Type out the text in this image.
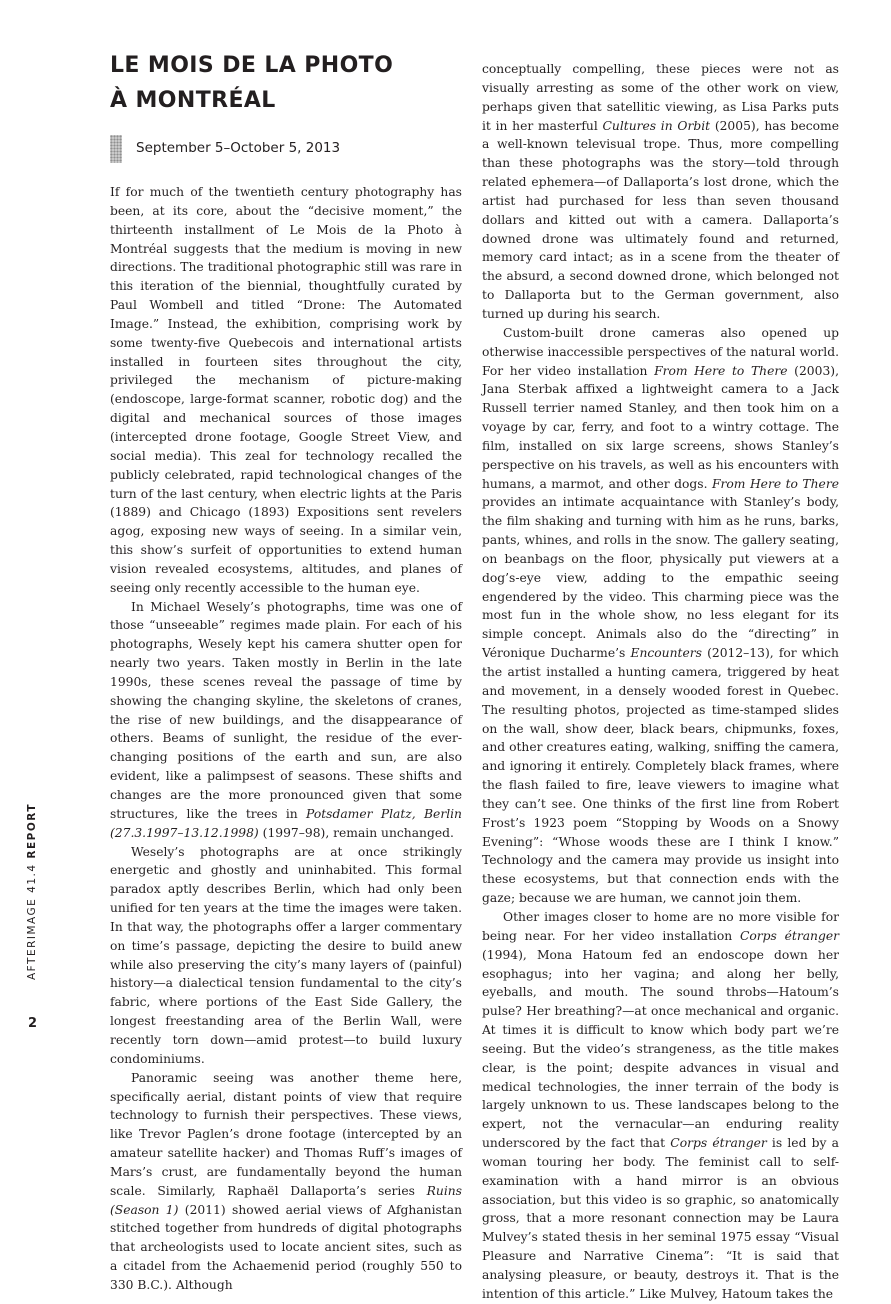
LE MOIS DE LA PHOTO
À MONTRÉAL
September 5–October 5, 2013

If for much of the twentieth century photography has been, at its core, about the “decisive moment,” the thirteenth installment of Le Mois de la Photo à Montréal suggests that the medium is moving in new directions. The traditional photographic still was rare in this iteration of the biennial, thoughtfully curated by Paul Wombell and titled “Drone: The Automated Image.” Instead, the exhibition, comprising work by some twenty-five Quebecois and international artists installed in fourteen sites throughout the city, privileged the mechanism of picture-making (endoscope, large-format scanner, robotic dog) and the digital and mechanical sources of those images (intercepted drone footage, Google Street View, and social media). This zeal for technology recalled the publicly celebrated, rapid technological changes of the turn of the last century, when electric lights at the Paris (1889) and Chicago (1893) Expositions sent revelers agog, exposing new ways of seeing. In a similar vein, this show’s surfeit of opportunities to extend human vision revealed ecosystems, altitudes, and planes of seeing only recently accessible to the human eye.

In Michael Wesely’s photographs, time was one of those “unseeable” regimes made plain. For each of his photographs, Wesely kept his camera shutter open for nearly two years. Taken mostly in Berlin in the late 1990s, these scenes reveal the passage of time by showing the changing skyline, the skeletons of cranes, the rise of new buildings, and the disappearance of others. Beams of sunlight, the residue of the ever-changing positions of the earth and sun, are also evident, like a palimpsest of seasons. These shifts and changes are the more pronounced given that some structures, like the trees in Potsdamer Platz, Berlin (27.3.1997–13.12.1998) (1997–98), remain unchanged.

Wesely’s photographs are at once strikingly energetic and ghostly and uninhabited. This formal paradox aptly describes Berlin, which had only been unified for ten years at the time the images were taken. In that way, the photographs offer a larger commentary on time’s passage, depicting the desire to build anew while also preserving the city’s many layers of (painful) history—a dialectical tension fundamental to the city’s fabric, where portions of the East Side Gallery, the longest freestanding area of the Berlin Wall, were recently torn down—amid protest—to build luxury condominiums.

Panoramic seeing was another theme here, specifically aerial, distant points of view that require technology to furnish their perspectives. These views, like Trevor Paglen’s drone footage (intercepted by an amateur satellite hacker) and Thomas Ruff’s images of Mars’s crust, are fundamentally beyond the human scale. Similarly, Raphaël Dallaporta’s series Ruins (Season 1) (2011) showed aerial views of Afghanistan stitched together from hundreds of digital photographs that archeologists used to locate ancient sites, such as a citadel from the Achaemenid period (roughly 550 to 330 B.C.). Although

conceptually compelling, these pieces were not as visually arresting as some of the other work on view, perhaps given that satellitic viewing, as Lisa Parks puts it in her masterful Cultures in Orbit (2005), has become a well-known televisual trope. Thus, more compelling than these photographs was the story—told through related ephemera—of Dallaporta’s lost drone, which the artist had purchased for less than seven thousand dollars and kitted out with a camera. Dallaporta’s downed drone was ultimately found and returned, memory card intact; as in a scene from the theater of the absurd, a second downed drone, which belonged not to Dallaporta but to the German government, also turned up during his search.

Custom-built drone cameras also opened up otherwise inaccessible perspectives of the natural world. For her video installation From Here to There (2003), Jana Sterbak affixed a lightweight camera to a Jack Russell terrier named Stanley, and then took him on a voyage by car, ferry, and foot to a wintry cottage. The film, installed on six large screens, shows Stanley’s perspective on his travels, as well as his encounters with humans, a marmot, and other dogs. From Here to There provides an intimate acquaintance with Stanley’s body, the film shaking and turning with him as he runs, barks, pants, whines, and rolls in the snow. The gallery seating, on beanbags on the floor, physically put viewers at a dog’s-eye view, adding to the empathic seeing engendered by the video. This charming piece was the most fun in the whole show, no less elegant for its simple concept. Animals also do the “directing” in Véronique Ducharme’s Encounters (2012–13), for which the artist installed a hunting camera, triggered by heat and movement, in a densely wooded forest in Quebec. The resulting photos, projected as time-stamped slides on the wall, show deer, black bears, chipmunks, foxes, and other creatures eating, walking, sniffing the camera, and ignoring it entirely. Completely black frames, where the flash failed to fire, leave viewers to imagine what they can’t see. One thinks of the first line from Robert Frost’s 1923 poem “Stopping by Woods on a Snowy Evening”: “Whose woods these are I think I know.” Technology and the camera may provide us insight into these ecosystems, but that connection ends with the gaze; because we are human, we cannot join them.

Other images closer to home are no more visible for being near. For her video installation Corps étranger (1994), Mona Hatoum fed an endoscope down her esophagus; into her vagina; and along her belly, eyeballs, and mouth. The sound throbs—Hatoum’s pulse? Her breathing?—at once mechanical and organic. At times it is difficult to know which body part we’re seeing. But the video’s strangeness, as the title makes clear, is the point; despite advances in visual and medical technologies, the inner terrain of the body is largely unknown to us. These landscapes belong to the expert, not the vernacular—an enduring reality underscored by the fact that Corps étranger is led by a woman touring her body. The feminist call to self-examination with a hand mirror is an obvious association, but this video is so graphic, so anatomically gross, that a more resonant connection may be Laura Mulvey’s stated thesis in her seminal 1975 essay “Visual Pleasure and Narrative Cinema”: “It is said that analysing pleasure, or beauty, destroys it. That is the intention of this article.” Like Mulvey, Hatoum takes the

AFTERIMAGE 41.4 REPORT
2
